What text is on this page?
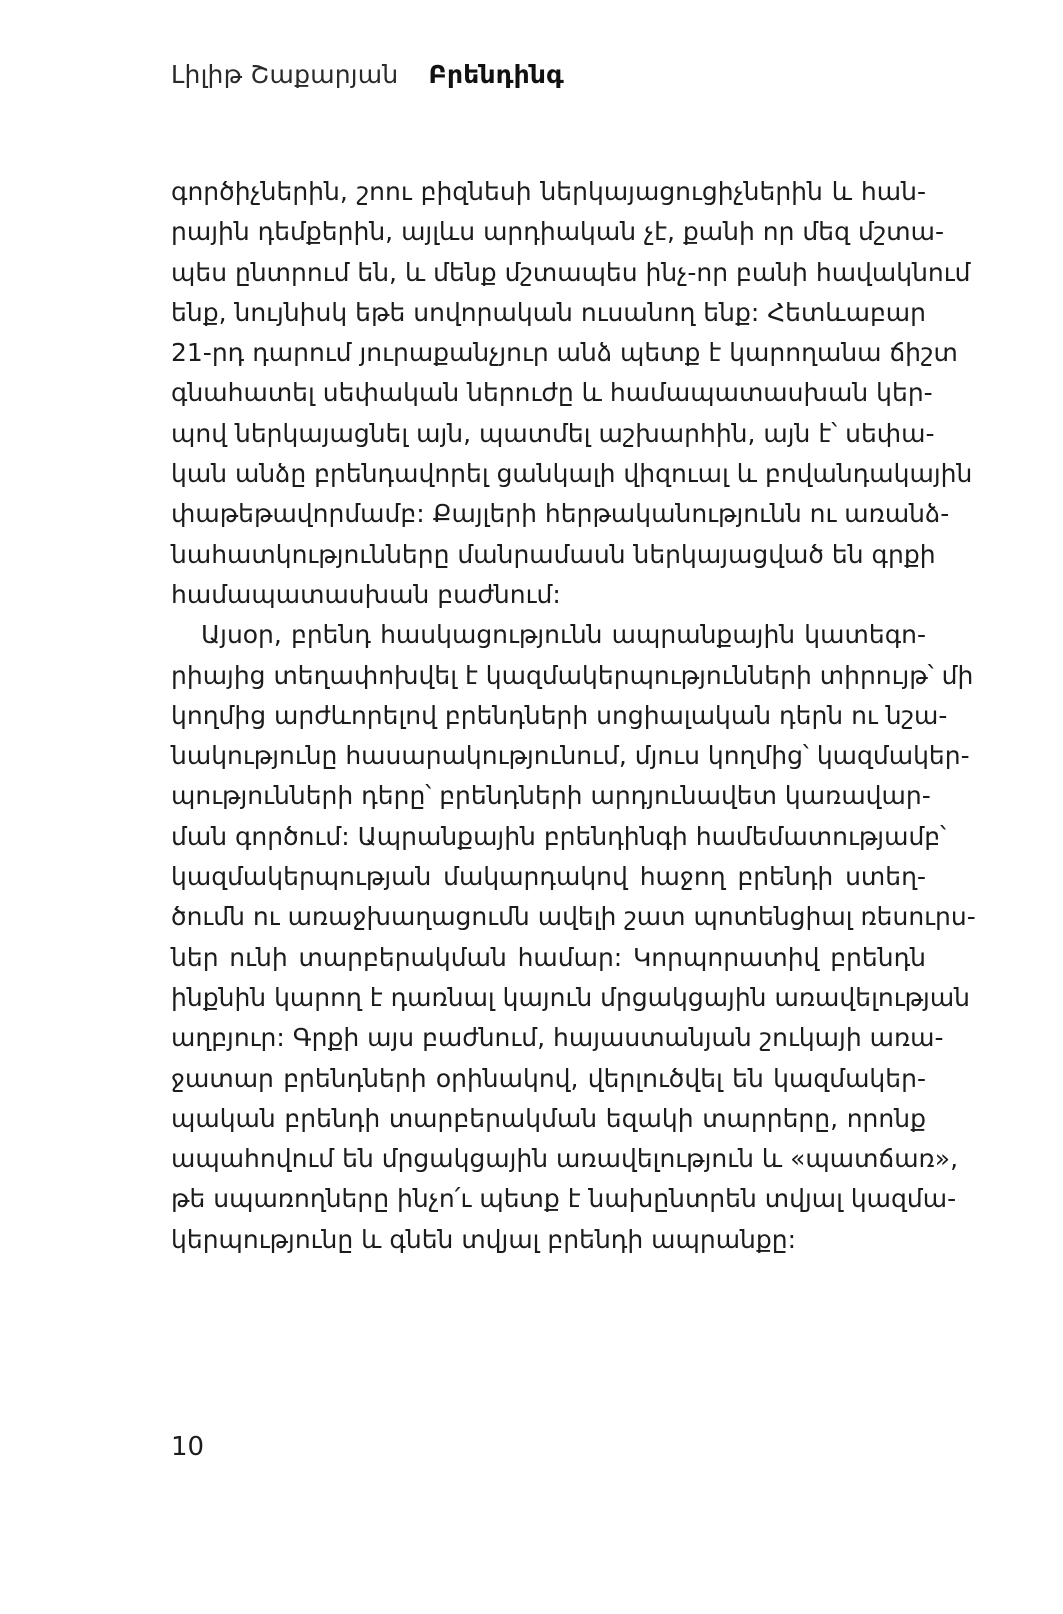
Լիլիթ Շաքարյան Բրենդինգ
գործիչներին, շոու բիզնեսի ներկայացուցիչներին և հան-
րային դեմքերին, այլևս արդիական չէ, քանի որ մեզ մշտա-
պես ընտրում են, և մենք մշտապես ինչ-որ բանի հավակնում
ենք, նույնիսկ եթե սովորական ուսանող ենք: Հետևաբար
21-րդ դարում յուրաքանչյուր անձ պետք է կարողանա ճիշտ
գնահատել սեփական ներուժը և համապատասխան կեր-
պով ներկայացնել այն, պատմել աշխարհին, այն է՝ սեփա-
կան անձը բրենդավորել ցանկալի վիզուալ և բովանդակային
փաթեթավորմամբ: Քայլերի հերթականությունն ու առանձ-
նահատկությունները մանրամասն ներկայացված են գրքի
համապատասխան բաժնում:
Այսօր, բրենդ հասկացությունն ապրանքային կատեգո-
րիայից տեղափոխվել է կազմակերպությունների տիրույթ՝ մի
կողմից արժևորելով բրենդների սոցիալական դերն ու նշա-
նակությունը հասարակությունում, մյուս կողմից՝ կազմակեր-
պությունների դերը՝ բրենդների արդյունավետ կառավար-
ման գործում: Ապրանքային բրենդինգի համեմատությամբ՝
կազմակերպության մակարդակով հաջող բրենդի ստեղ-
ծումն ու առաջխաղացումն ավելի շատ պոտենցիալ ռեսուրս-
ներ ունի տարբերակման համար: Կորպորատիվ բրենդն
ինքնին կարող է դառնալ կայուն մրցակցային առավելության
աղբյուր: Գրքի այս բաժնում, հայաստանյան շուկայի առա-
ջատար բրենդների օրինակով, վերլուծվել են կազմակեր-
պական բրենդի տարբերակման եզակի տարրերը, որոնք
ապահովում են մրցակցային առավելություն և «պատճառ»,
թե սպառողները ինչո՛ւ պետք է նախընտրեն տվյալ կազմա-
կերպությունը և գնեն տվյալ բրենդի ապրանքը:
10
